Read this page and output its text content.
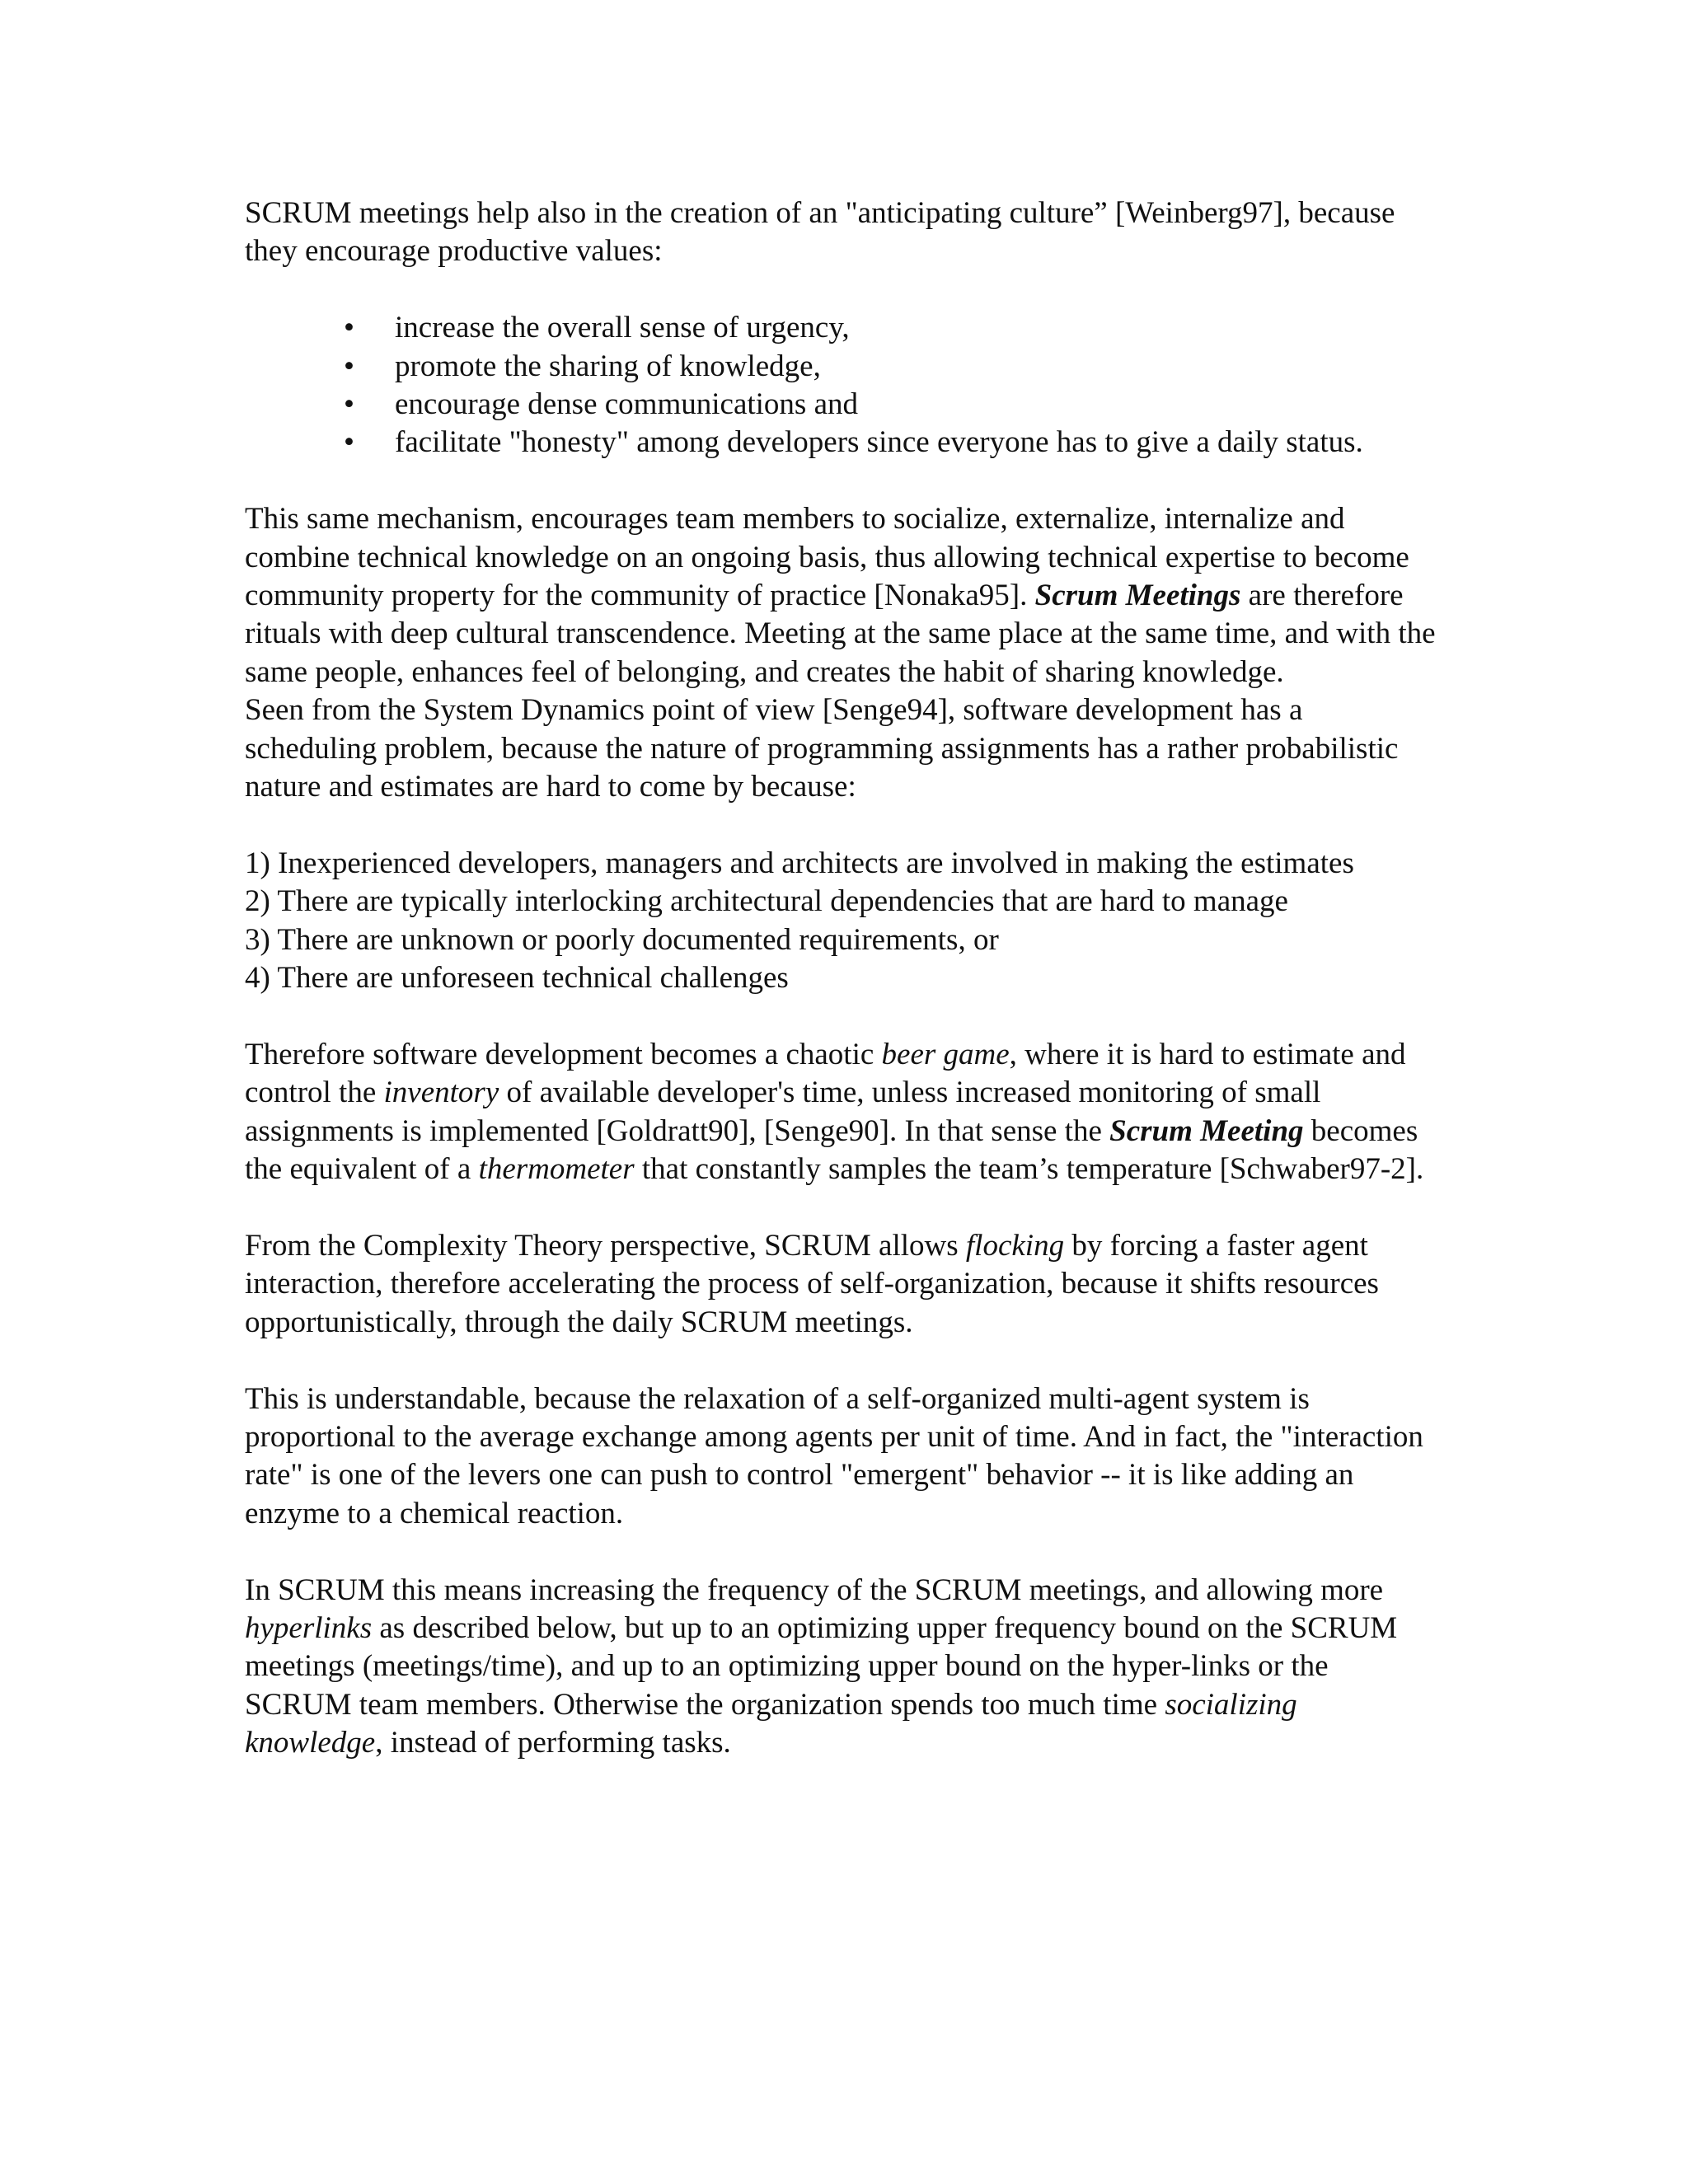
SCRUM meetings help also in the creation of an "anticipating culture” [Weinberg97], because they encourage productive values:

• increase the overall sense of urgency,
• promote the sharing of knowledge,
• encourage dense communications and
• facilitate "honesty" among developers since everyone has to give a daily status.

This same mechanism, encourages team members to socialize, externalize, internalize and combine technical knowledge on an ongoing basis, thus allowing technical expertise to become community property for the community of practice [Nonaka95]. Scrum Meetings are therefore rituals with deep cultural transcendence. Meeting at the same place at the same time, and with the same people, enhances feel of belonging, and creates the habit of sharing knowledge.

Seen from the System Dynamics point of view [Senge94], software development has a scheduling problem, because the nature of programming assignments has a rather probabilistic nature and estimates are hard to come by because:

1) Inexperienced developers, managers and architects are involved in making the estimates

2) There are typically interlocking architectural dependencies that are hard to manage

3) There are unknown or poorly documented requirements, or

4) There are unforeseen technical challenges

Therefore software development becomes a chaotic beer game, where it is hard to estimate and control the inventory of available developer's time, unless increased monitoring of small assignments is implemented [Goldratt90], [Senge90]. In that sense the Scrum Meeting becomes the equivalent of a thermometer that constantly samples the team’s temperature [Schwaber97-2].

From the Complexity Theory perspective, SCRUM allows flocking by forcing a faster agent interaction, therefore accelerating the process of self-organization, because it shifts resources opportunistically, through the daily SCRUM meetings.

This is understandable, because the relaxation of a self-organized multi-agent system is proportional to the average exchange among agents per unit of time. And in fact, the "interaction rate" is one of the levers one can push to control "emergent" behavior -- it is like adding an enzyme to a chemical reaction.

In SCRUM this means increasing the frequency of the SCRUM meetings, and allowing more hyperlinks as described below, but up to an optimizing upper frequency bound on the SCRUM meetings (meetings/time), and up to an optimizing upper bound on the hyper-links or the SCRUM team members. Otherwise the organization spends too much time socializing knowledge, instead of performing tasks.
